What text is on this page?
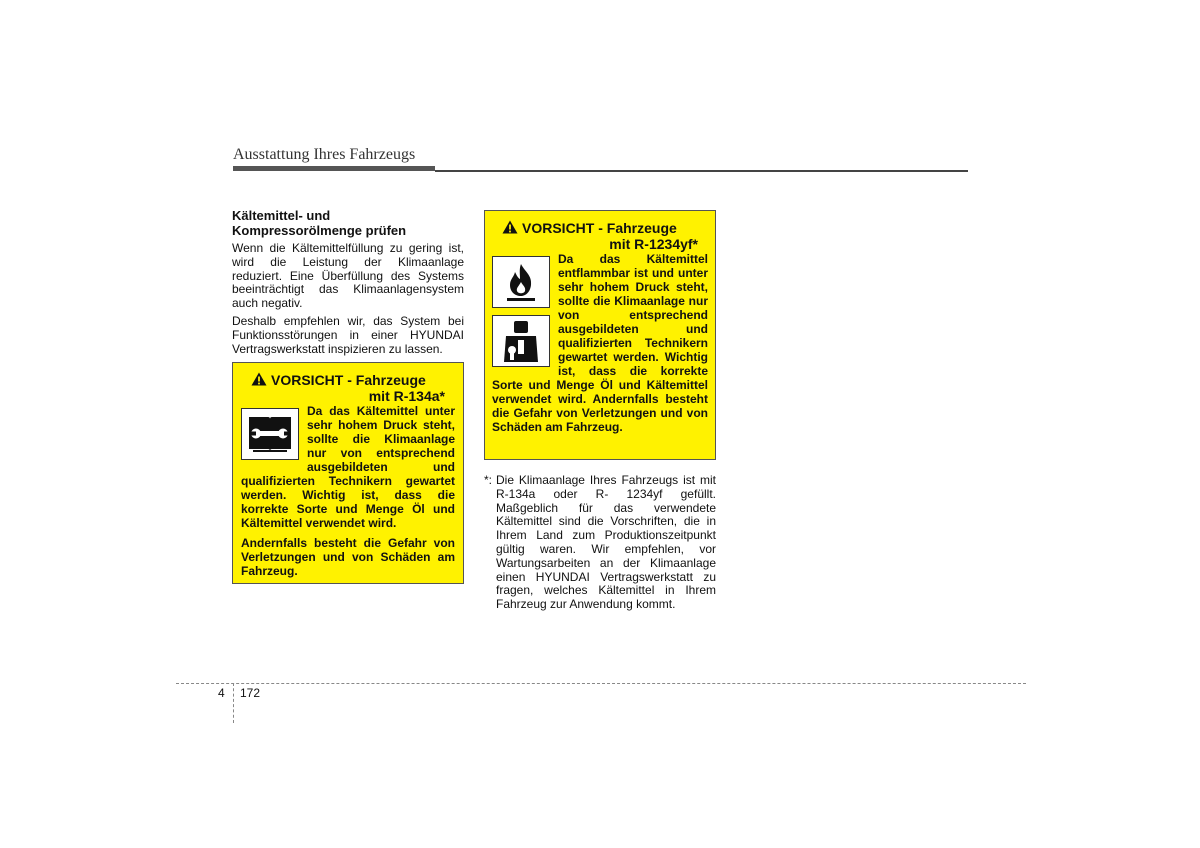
Ausstattung Ihres Fahrzeugs
Kältemittel- und
Kompressorölmenge prüfen

Wenn die Kältemittelfüllung zu gering ist, wird die Leistung der Klimaanlage reduziert. Eine Überfüllung des Systems beeinträchtigt das Klimaanlagensystem auch negativ.

Deshalb empfehlen wir, das System bei Funktionsstörungen in einer HYUNDAI Vertragswerkstatt inspizieren zu lassen.

VORSICHT - Fahrzeuge
mit R-134a*

Da das Kältemittel unter sehr hohem Druck steht, sollte die Klimaanlage nur von entsprechend ausgebildeten und qualifizierten Technikern gewartet werden. Wichtig ist, dass die korrekte Sorte und Menge Öl und Kältemittel verwendet wird.

Andernfalls besteht die Gefahr von Verletzungen und von Schäden am Fahrzeug.

VORSICHT - Fahrzeuge
mit R-1234yf*

Da das Kältemittel entflammbar ist und unter sehr hohem Druck steht, sollte die Klimaanlage nur von entsprechend ausgebildeten und qualifizierten Technikern gewartet werden. Wichtig ist, dass die korrekte Sorte und Menge Öl und Kältemittel verwendet wird. Andernfalls besteht die Gefahr von Verletzungen und von Schäden am Fahrzeug.

*: Die Klimaanlage Ihres Fahrzeugs ist mit R-134a oder R- 1234yf gefüllt. Maßgeblich für das verwendete Kältemittel sind die Vorschriften, die in Ihrem Land zum Produktionszeitpunkt gültig waren. Wir empfehlen, vor Wartungsarbeiten an der Klimaanlage einen HYUNDAI Vertragswerkstatt zu fragen, welches Kältemittel in Ihrem Fahrzeug zur Anwendung kommt.
4 172
